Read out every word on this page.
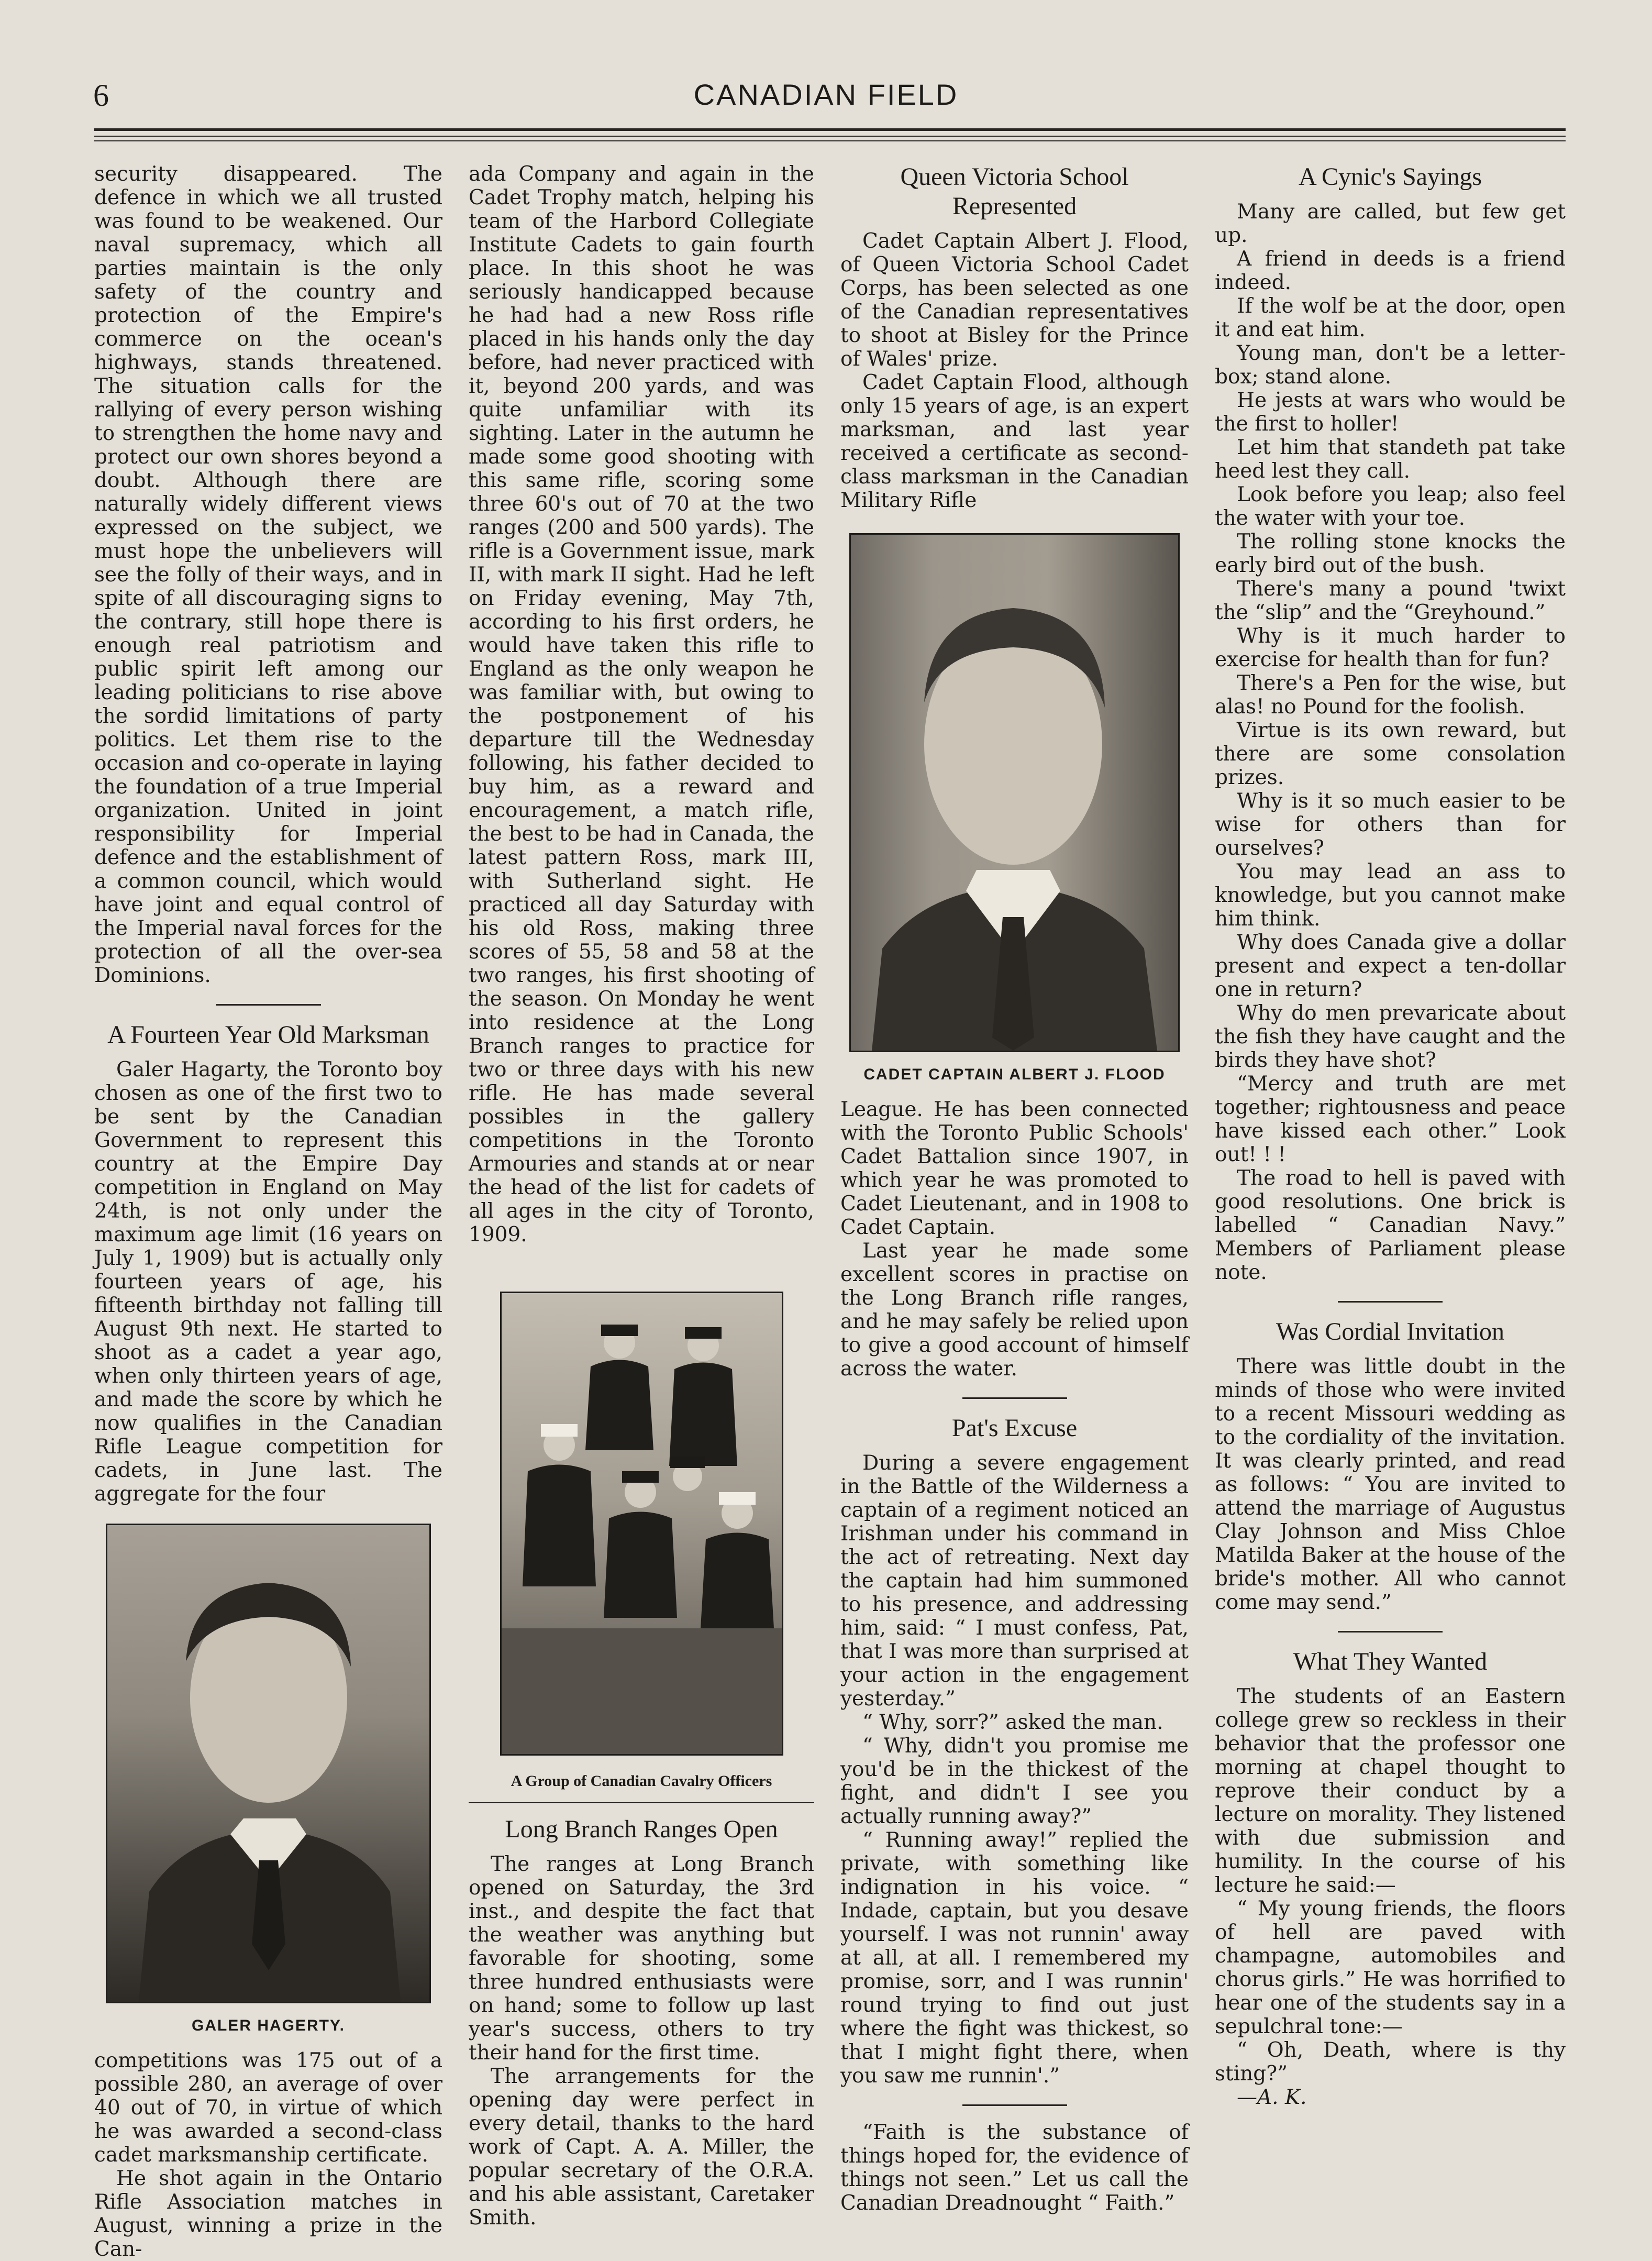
6	CANADIAN FIELD

security disappeared. The defence in which we all trusted was found to be weakened. Our naval supremacy, which all parties maintain is the only safety of the country and protection of the Empire's commerce on the ocean's highways, stands threatened. The situation calls for the rallying of every person wishing to strengthen the home navy and protect our own shores beyond a doubt. Although there are naturally widely different views expressed on the subject, we must hope the unbelievers will see the folly of their ways, and in spite of all discouraging signs to the contrary, still hope there is enough real patriotism and public spirit left among our leading politicians to rise above the sordid limitations of party politics. Let them rise to the occasion and co-operate in laying the foundation of a true Imperial organization. United in joint responsibility for Imperial defence and the establishment of a common council, which would have joint and equal control of the Imperial naval forces for the protection of all the over-sea Dominions.

A Fourteen Year Old Marksman

Galer Hagarty, the Toronto boy chosen as one of the first two to be sent by the Canadian Government to represent this country at the Empire Day competition in England on May 24th, is not only under the maximum age limit (16 years on July 1, 1909) but is actually only fourteen years of age, his fifteenth birthday not falling till August 9th next. He started to shoot as a cadet a year ago, when only thirteen years of age, and made the score by which he now qualifies in the Canadian Rifle League competition for cadets, in June last. The aggregate for the four

GALER HAGERTY.

competitions was 175 out of a possible 280, an average of over 40 out of 70, in virtue of which he was awarded a second-class cadet marksmanship certificate.

He shot again in the Ontario Rifle Association matches in August, winning a prize in the Can-

ada Company and again in the Cadet Trophy match, helping his team of the Harbord Collegiate Institute Cadets to gain fourth place. In this shoot he was seriously handicapped because he had had a new Ross rifle placed in his hands only the day before, had never practiced with it, beyond 200 yards, and was quite unfamiliar with its sighting. Later in the autumn he made some good shooting with this same rifle, scoring some three 60's out of 70 at the two ranges (200 and 500 yards). The rifle is a Government issue, mark II, with mark II sight. Had he left on Friday evening, May 7th, according to his first orders, he would have taken this rifle to England as the only weapon he was familiar with, but owing to the postponement of his departure till the Wednesday following, his father decided to buy him, as a reward and encouragement, a match rifle, the best to be had in Canada, the latest pattern Ross, mark III, with Sutherland sight. He practiced all day Saturday with his old Ross, making three scores of 55, 58 and 58 at the two ranges, his first shooting of the season. On Monday he went into residence at the Long Branch ranges to practice for two or three days with his new rifle. He has made several possibles in the gallery competitions in the Toronto Armouries and stands at or near the head of the list for cadets of all ages in the city of Toronto, 1909.

A Group of Canadian Cavalry Officers
Long Branch Ranges Open

The ranges at Long Branch opened on Saturday, the 3rd inst., and despite the fact that the weather was anything but favorable for shooting, some three hundred enthusiasts were on hand; some to follow up last year's success, others to try their hand for the first time.

The arrangements for the opening day were perfect in every detail, thanks to the hard work of Capt. A. A. Miller, the popular secretary of the O.R.A. and his able assistant, Caretaker Smith.

Queen Victoria School Represented

Cadet Captain Albert J. Flood, of Queen Victoria School Cadet Corps, has been selected as one of the Canadian representatives to shoot at Bisley for the Prince of Wales' prize.

Cadet Captain Flood, although only 15 years of age, is an expert marksman, and last year received a certificate as second-class marksman in the Canadian Military Rifle

CADET CAPTAIN ALBERT J. FLOOD

League. He has been connected with the Toronto Public Schools' Cadet Battalion since 1907, in which year he was promoted to Cadet Lieutenant, and in 1908 to Cadet Captain.

Last year he made some excellent scores in practise on the Long Branch rifle ranges, and he may safely be relied upon to give a good account of himself across the water.

Pat's Excuse

During a severe engagement in the Battle of the Wilderness a captain of a regiment noticed an Irishman under his command in the act of retreating. Next day the captain had him summoned to his presence, and addressing him, said: “ I must confess, Pat, that I was more than surprised at your action in the engagement yesterday.”

“ Why, sorr?” asked the man.

“ Why, didn't you promise me you'd be in the thickest of the fight, and didn't I see you actually running away?”

“ Running away!” replied the private, with something like indignation in his voice. “ Indade, captain, but you desave yourself. I was not runnin' away at all, at all. I remembered my promise, sorr, and I was runnin' round trying to find out just where the fight was thickest, so that I might fight there, when you saw me runnin'.”

“Faith is the substance of things hoped for, the evidence of things not seen.” Let us call the Canadian Dreadnought “ Faith.”

A Cynic's Sayings

Many are called, but few get up.

A friend in deeds is a friend indeed.

If the wolf be at the door, open it and eat him.

Young man, don't be a letter-box; stand alone.

He jests at wars who would be the first to holler!

Let him that standeth pat take heed lest they call.

Look before you leap; also feel the water with your toe.

The rolling stone knocks the early bird out of the bush.

There's many a pound 'twixt the “slip” and the “Greyhound.”

Why is it much harder to exercise for health than for fun?

There's a Pen for the wise, but alas! no Pound for the foolish.

Virtue is its own reward, but there are some consolation prizes.

Why is it so much easier to be wise for others than for ourselves?

You may lead an ass to knowledge, but you cannot make him think.

Why does Canada give a dollar present and expect a ten-dollar one in return?

Why do men prevaricate about the fish they have caught and the birds they have shot?

“Mercy and truth are met together; rightousness and peace have kissed each other.” Look out! ! !

The road to hell is paved with good resolutions. One brick is labelled “ Canadian Navy.” Members of Parliament please note.

Was Cordial Invitation

There was little doubt in the minds of those who were invited to a recent Missouri wedding as to the cordiality of the invitation. It was clearly printed, and read as follows: “ You are invited to attend the marriage of Augustus Clay Johnson and Miss Chloe Matilda Baker at the house of the bride's mother. All who cannot come may send.”

What They Wanted

The students of an Eastern college grew so reckless in their behavior that the professor one morning at chapel thought to reprove their conduct by a lecture on morality. They listened with due submission and humility. In the course of his lecture he said:—

“ My young friends, the floors of hell are paved with champagne, automobiles and chorus girls.” He was horrified to hear one of the students say in a sepulchral tone:—

“ Oh, Death, where is thy sting?”

—A. K.
